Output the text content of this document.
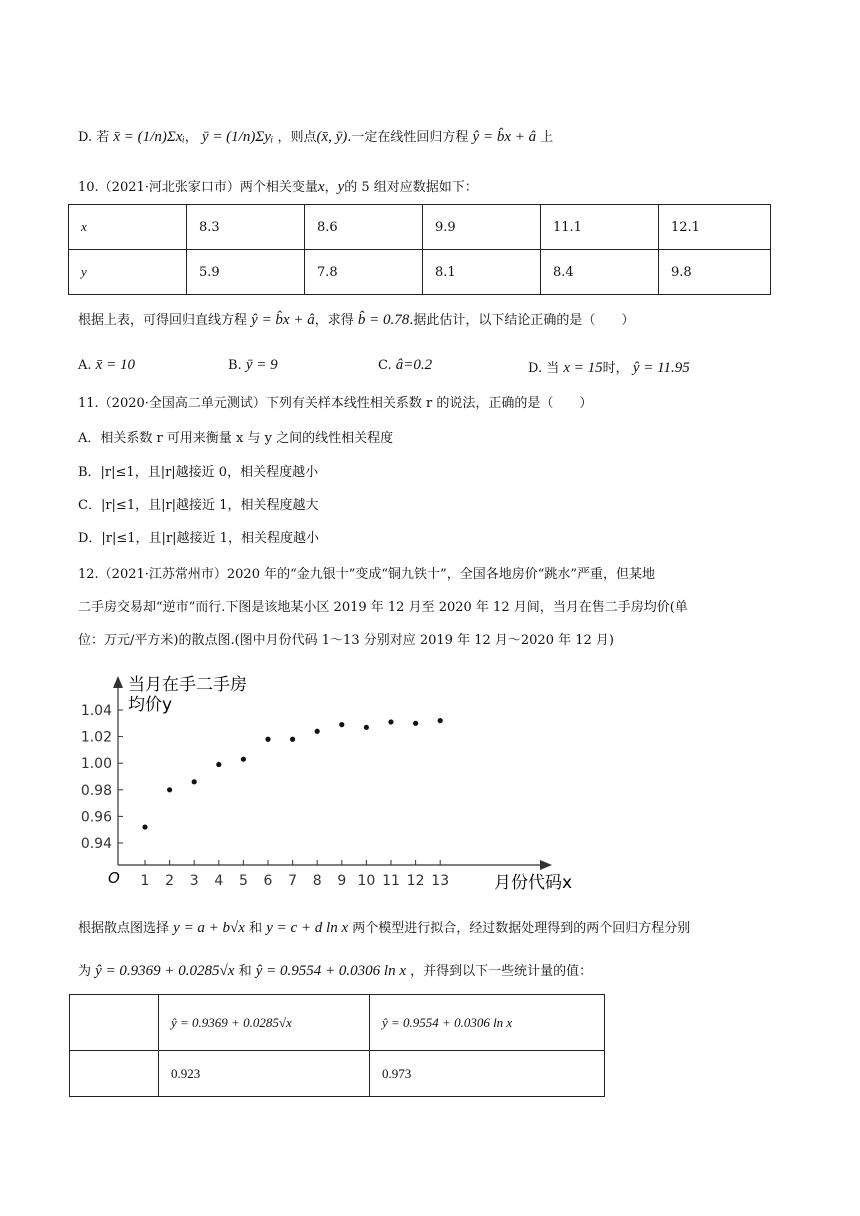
D. 若 x̄ = (1/n)Σxᵢ， ȳ = (1/n)Σyᵢ ，则点(x̄, ȳ).一定在线性回归方程 ŷ = b̂x + â 上
10.（2021·河北张家口市）两个相关变量x，y的 5 组对应数据如下：
x	8.3	8.6	9.9	11.1	12.1
y	5.9	7.8	8.1	8.4	9.8
根据上表，可得回归直线方程 ŷ = b̂x + â，求得 b̂ = 0.78.据此估计，以下结论正确的是（　　）
A. x̄ = 10	B. ȳ = 9	C. â=0.2	D. 当 x = 15时， ŷ = 11.95
11.（2020·全国高二单元测试）下列有关样本线性相关系数 r 的说法，正确的是（　　）
A．相关系数 r 可用来衡量 x 与 y 之间的线性相关程度
B．|r|≤1，且|r|越接近 0，相关程度越小
C．|r|≤1，且|r|越接近 1，相关程度越大
D．|r|≤1，且|r|越接近 1，相关程度越小
12.（2021·江苏常州市）2020 年的“金九银十”变成“铜九铁十”，全国各地房价“跳水”严重，但某地
二手房交易却“逆市”而行.下图是该地某小区 2019 年 12 月至 2020 年 12 月间，当月在售二手房均价(单
位：万元/平方米)的散点图.(图中月份代码 1～13 分别对应 2019 年 12 月～2020 年 12 月)
0.94
0.96
0.98
1.00
1.02
1.04
1 2 3 4 5 6 7 8 9 10 11 12 13
当月在手二手房
均价y
月份代码x
O
根据散点图选择 y = a + b√x 和 y = c + d ln x 两个模型进行拟合，经过数据处理得到的两个回归方程分别
为 ŷ = 0.9369 + 0.0285√x 和 ŷ = 0.9554 + 0.0306 ln x ，并得到以下一些统计量的值：
	ŷ = 0.9369 + 0.0285√x	ŷ = 0.9554 + 0.0306 ln x
	0.923	0.973
